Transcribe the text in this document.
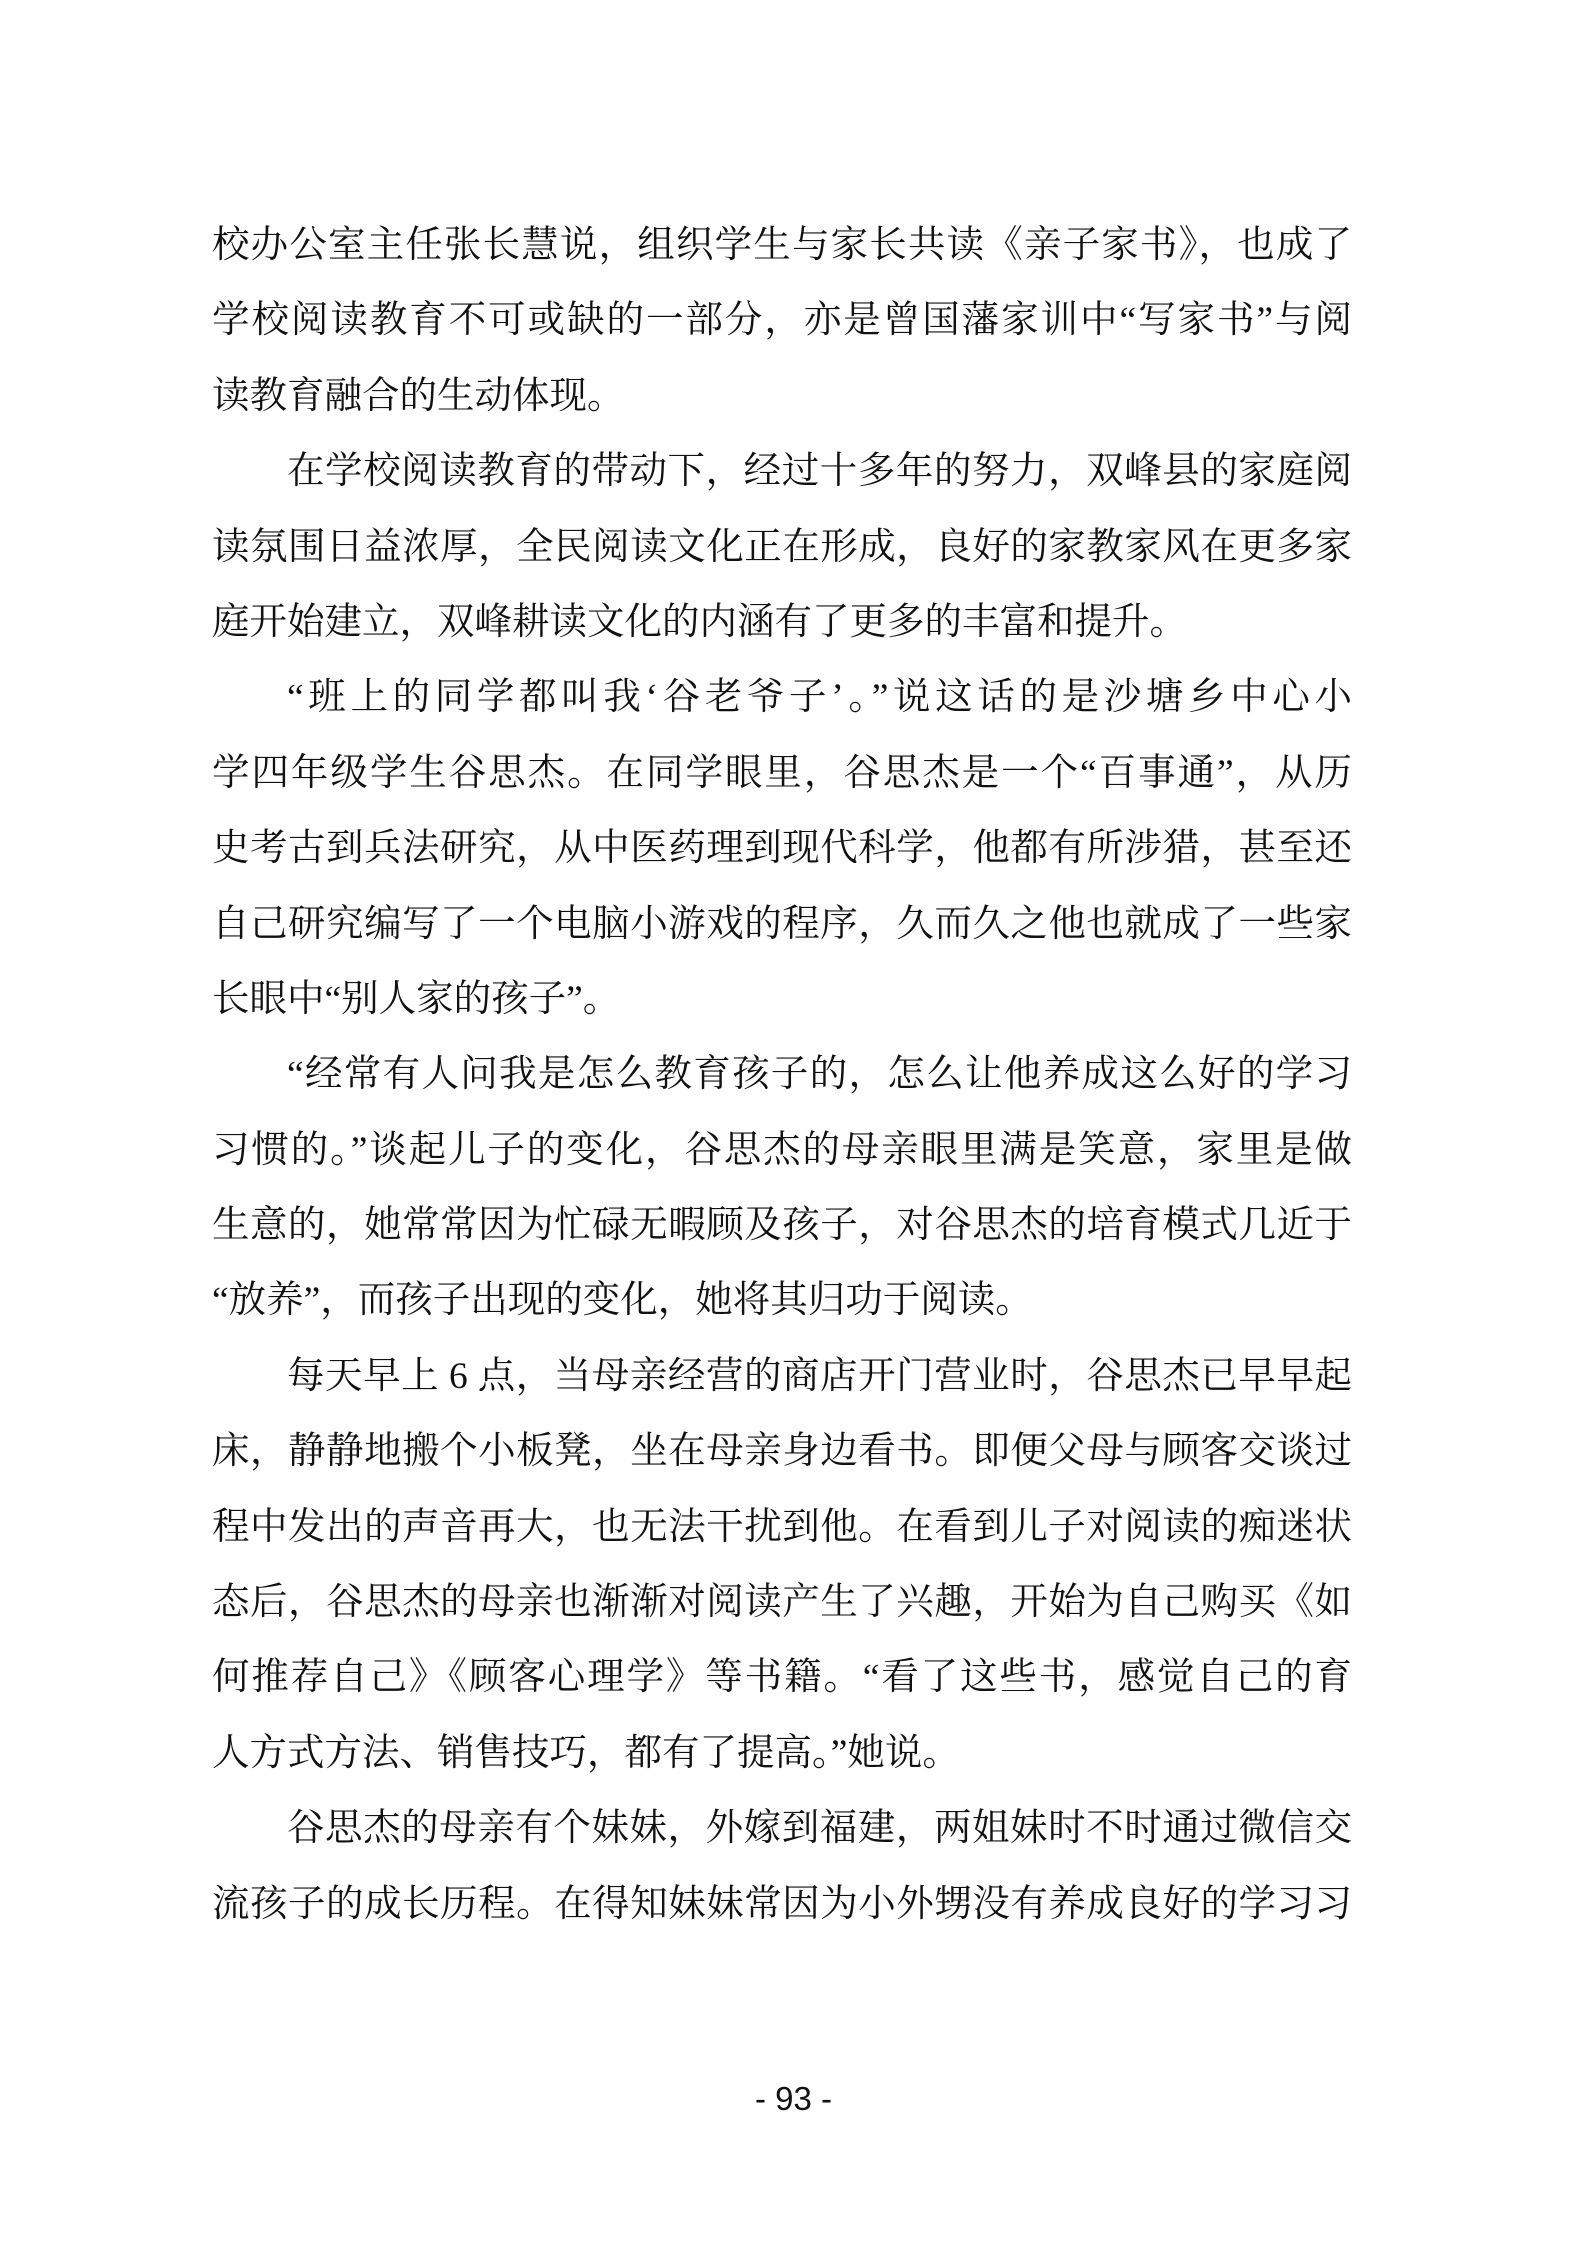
校办公室主任张长慧说，组织学生与家长共读《亲子家书》，也成了
学校阅读教育不可或缺的一部分，亦是曾国藩家训中“写家书”与阅
读教育融合的生动体现。
在学校阅读教育的带动下，经过十多年的努力，双峰县的家庭阅
读氛围日益浓厚，全民阅读文化正在形成，良好的家教家风在更多家
庭开始建立，双峰耕读文化的内涵有了更多的丰富和提升。
“班上的同学都叫我‘谷老爷子’。”说这话的是沙塘乡中心小
学四年级学生谷思杰。在同学眼里，谷思杰是一个“百事通”，从历
史考古到兵法研究，从中医药理到现代科学，他都有所涉猎，甚至还
自己研究编写了一个电脑小游戏的程序，久而久之他也就成了一些家
长眼中“别人家的孩子”。
“经常有人问我是怎么教育孩子的，怎么让他养成这么好的学习
习惯的。”谈起儿子的变化，谷思杰的母亲眼里满是笑意，家里是做
生意的，她常常因为忙碌无暇顾及孩子，对谷思杰的培育模式几近于
“放养”，而孩子出现的变化，她将其归功于阅读。
每天早上 6 点，当母亲经营的商店开门营业时，谷思杰已早早起
床，静静地搬个小板凳，坐在母亲身边看书。即便父母与顾客交谈过
程中发出的声音再大，也无法干扰到他。在看到儿子对阅读的痴迷状
态后，谷思杰的母亲也渐渐对阅读产生了兴趣，开始为自己购买《如
何推荐自己》《顾客心理学》等书籍。“看了这些书，感觉自己的育
人方式方法、销售技巧，都有了提高。”她说。
谷思杰的母亲有个妹妹，外嫁到福建，两姐妹时不时通过微信交
流孩子的成长历程。在得知妹妹常因为小外甥没有养成良好的学习习
- 93 -
